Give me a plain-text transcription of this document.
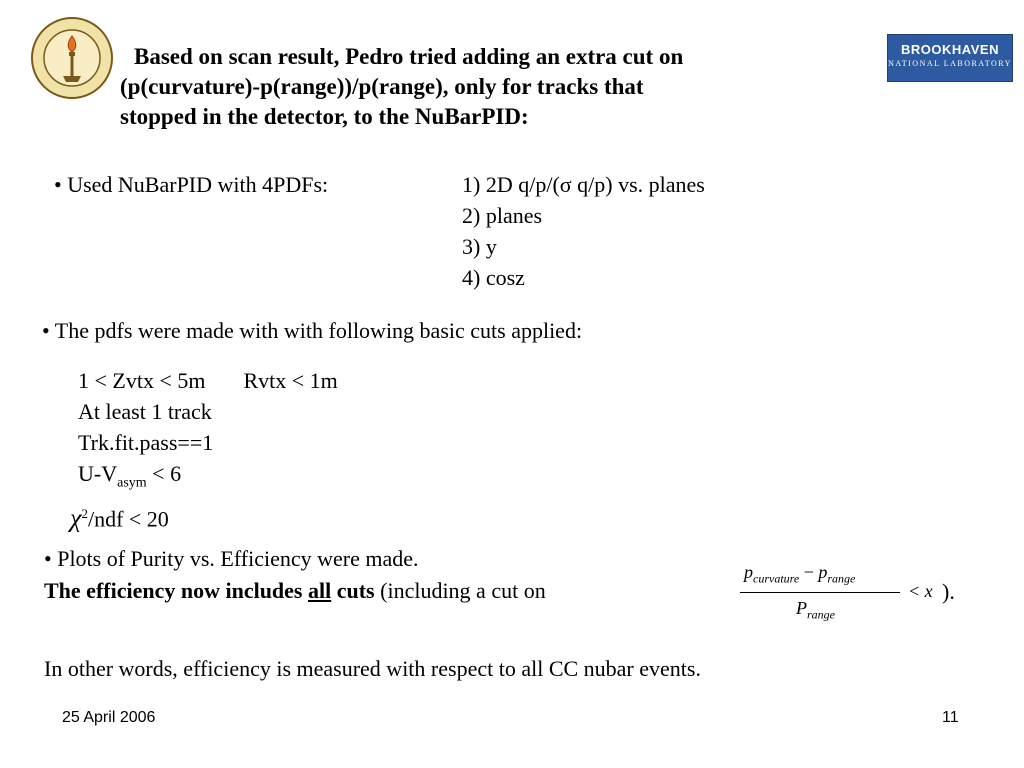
BROOKHAVEN
NATIONAL LABORATORY
Based on scan result, Pedro tried adding an extra cut on
(p(curvature)-p(range))/p(range), only for tracks that
stopped in the detector, to the NuBarPID:
• Used NuBarPID with 4PDFs:	1) 2D q/p/(σ q/p) vs. planes
2) planes
3) y
4) cosz
• The pdfs were made with with following basic cuts applied:
1 < Zvtx < 5m Rvtx < 1m
At least 1 track
Trk.fit.pass==1
$U-V_{asym} < 6$
$\chi^2$/ndf < 20
• Plots of Purity vs. Efficiency were made.
The efficiency now includes all cuts (including a cut on
$p_{curvature} - p_{range}$
< x ).
$P_{range}$
In other words, efficiency is measured with respect to all CC nubar events.
25 April 2006	11
